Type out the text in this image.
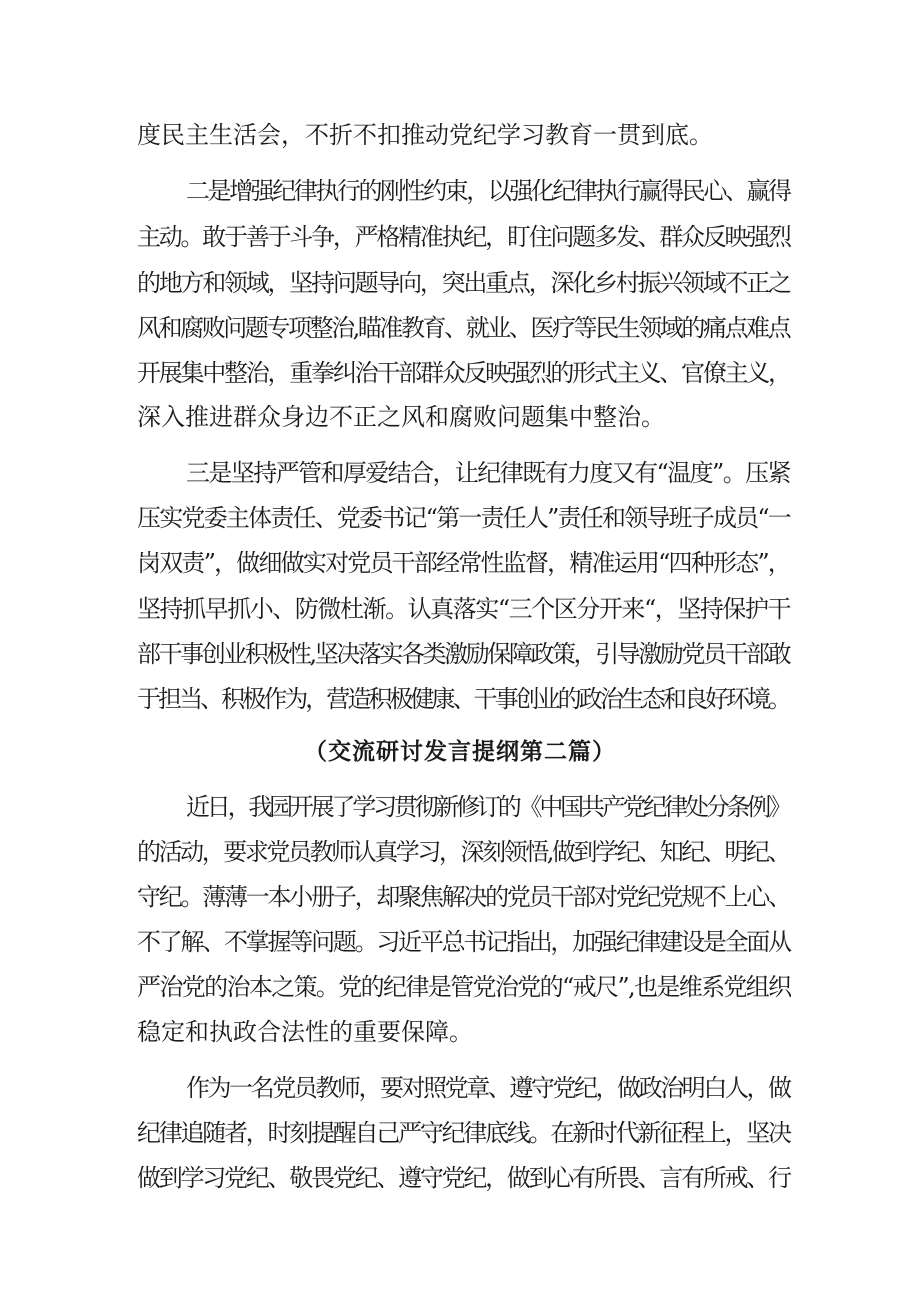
度民主生活会，不折不扣推动党纪学习教育一贯到底。
二是增强纪律执行的刚性约束，以强化纪律执行赢得民心、赢得
主动。敢于善于斗争，严格精准执纪，盯住问题多发、群众反映强烈
的地方和领域，坚持问题导向，突出重点，深化乡村振兴领域不正之
风和腐败问题专项整治,瞄准教育、就业、医疗等民生领域的痛点难点
开展集中整治，重拳纠治干部群众反映强烈的形式主义、官僚主义，
深入推进群众身边不正之风和腐败问题集中整治。
三是坚持严管和厚爱结合，让纪律既有力度又有“温度”。压紧
压实党委主体责任、党委书记“第一责任人”责任和领导班子成员“一
岗双责”，做细做实对党员干部经常性监督，精准运用“四种形态”，
坚持抓早抓小、防微杜渐。认真落实“三个区分开来“，坚持保护干
部干事创业积极性,坚决落实各类激励保障政策，引导激励党员干部敢
于担当、积极作为，营造积极健康、干事创业的政治生态和良好环境。
（交流研讨发言提纲第二篇）
近日，我园开展了学习贯彻新修订的《中国共产党纪律处分条例》
的活动，要求党员教师认真学习，深刻领悟,做到学纪、知纪、明纪、
守纪。薄薄一本小册子，却聚焦解决的党员干部对党纪党规不上心、
不了解、不掌握等问题。习近平总书记指出，加强纪律建设是全面从
严治党的治本之策。党的纪律是管党治党的“戒尺”,也是维系党组织
稳定和执政合法性的重要保障。
作为一名党员教师，要对照党章、遵守党纪，做政治明白人，做
纪律追随者，时刻提醒自己严守纪律底线。在新时代新征程上，坚决
做到学习党纪、敬畏党纪、遵守党纪，做到心有所畏、言有所戒、行
